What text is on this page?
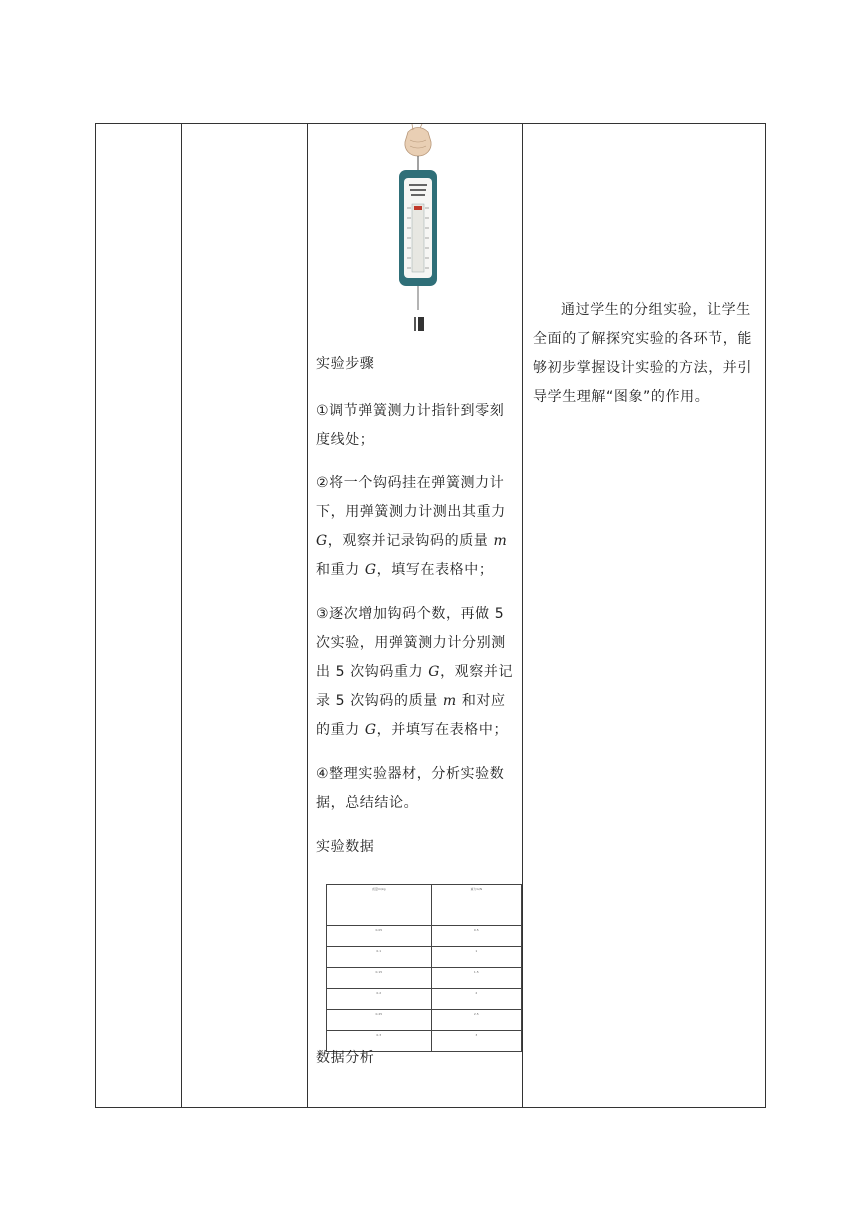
实验步骤
①调节弹簧测力计指针到零刻度线处；
②将一个钩码挂在弹簧测力计下，用弹簧测力计测出其重力G，观察并记录钩码的质量 m 和重力 G，填写在表格中；
③逐次增加钩码个数，再做 5 次实验，用弹簧测力计分别测出 5 次钩码重力 G，观察并记录 5 次钩码的质量 m 和对应的重力 G，并填写在表格中；
④整理实验器材，分析实验数据，总结结论。
实验数据
质量m/kg	重力G/N
0.05	0.5
0.1	1
0.15	1.5
0.2	2
0.25	2.5
0.3	3
数据分析
通过学生的分组实验，让学生全面的了解探究实验的各环节，能够初步掌握设计实验的方法，并引导学生理解“图象”的作用。
